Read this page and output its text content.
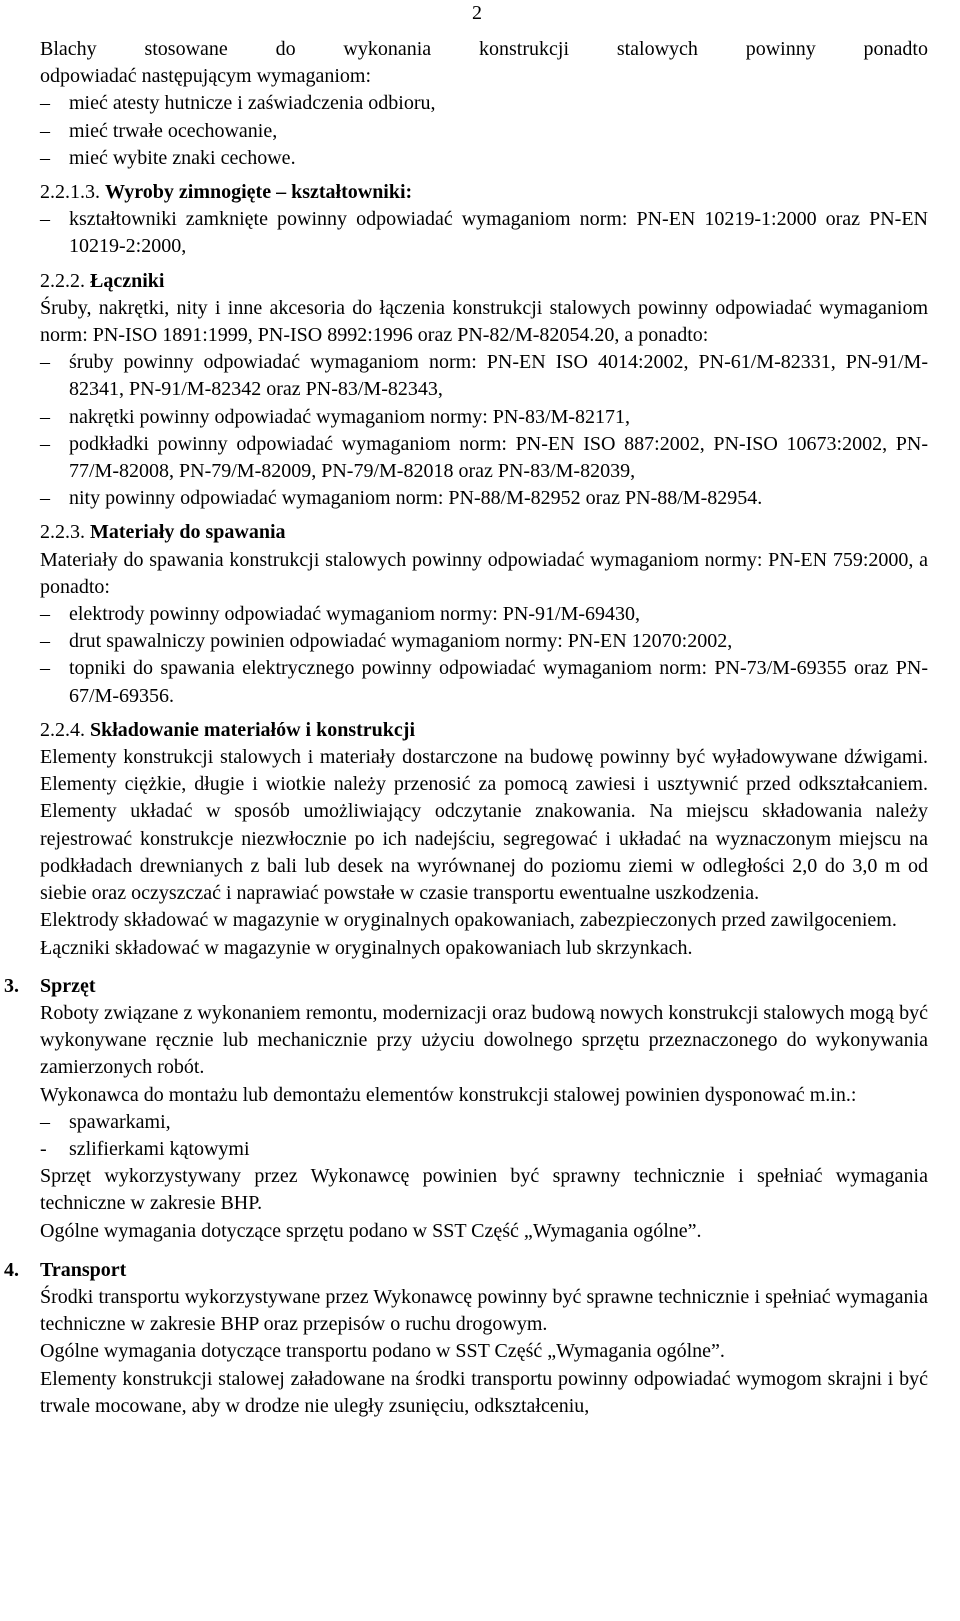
2

Blachy stosowane do wykonania konstrukcji stalowych powinny ponadto

odpowiadać następującym wymaganiom:

– mieć atesty hutnicze i zaświadczenia odbioru,
– mieć trwałe ocechowanie,
– mieć wybite znaki cechowe.

2.2.1.3. Wyroby zimnogięte – kształtowniki:

– kształtowniki zamknięte powinny odpowiadać wymaganiom norm: PN-EN 10219-1:2000 oraz PN-EN 10219-2:2000,

2.2.2. Łączniki

Śruby, nakrętki, nity i inne akcesoria do łączenia konstrukcji stalowych powinny odpowiadać wymaganiom norm: PN-ISO 1891:1999, PN-ISO 8992:1996 oraz PN-82/M-82054.20, a ponadto:

– śruby powinny odpowiadać wymaganiom norm: PN-EN ISO 4014:2002, PN-61/M-82331, PN-91/M-82341, PN-91/M-82342 oraz PN-83/M-82343,
– nakrętki powinny odpowiadać wymaganiom normy: PN-83/M-82171,
– podkładki powinny odpowiadać wymaganiom norm: PN-EN ISO 887:2002, PN-ISO 10673:2002, PN-77/M-82008, PN-79/M-82009, PN-79/M-82018 oraz PN-83/M-82039,
– nity powinny odpowiadać wymaganiom norm: PN-88/M-82952 oraz PN-88/M-82954.

2.2.3. Materiały do spawania

Materiały do spawania konstrukcji stalowych powinny odpowiadać wymaganiom normy: PN-EN 759:2000, a ponadto:

– elektrody powinny odpowiadać wymaganiom normy: PN-91/M-69430,
– drut spawalniczy powinien odpowiadać wymaganiom normy: PN-EN 12070:2002,
– topniki do spawania elektrycznego powinny odpowiadać wymaganiom norm: PN-73/M-69355 oraz PN-67/M-69356.

2.2.4. Składowanie materiałów i konstrukcji

Elementy konstrukcji stalowych i materiały dostarczone na budowę powinny być wyładowywane dźwigami. Elementy ciężkie, długie i wiotkie należy przenosić za pomocą zawiesi i usztywnić przed odkształcaniem. Elementy układać w sposób umożliwiający odczytanie znakowania. Na miejscu składowania należy rejestrować konstrukcje niezwłocznie po ich nadejściu, segregować i układać na wyznaczonym miejscu na podkładach drewnianych z bali lub desek na wyrównanej do poziomu ziemi w odległości 2,0 do 3,0 m od siebie oraz oczyszczać i naprawiać powstałe w czasie transportu ewentualne uszkodzenia.

Elektrody składować w magazynie w oryginalnych opakowaniach, zabezpieczonych przed zawilgoceniem.

Łączniki składować w magazynie w oryginalnych opakowaniach lub skrzynkach.

3. Sprzęt

Roboty związane z wykonaniem remontu, modernizacji oraz budową nowych konstrukcji stalowych mogą być wykonywane ręcznie lub mechanicznie przy użyciu dowolnego sprzętu przeznaczonego do wykonywania zamierzonych robót.

Wykonawca do montażu lub demontażu elementów konstrukcji stalowej powinien dysponować m.in.:

– spawarkami,
- szlifierkami kątowymi

Sprzęt wykorzystywany przez Wykonawcę powinien być sprawny technicznie i spełniać wymagania techniczne w zakresie BHP.

Ogólne wymagania dotyczące sprzętu podano w SST Część „Wymagania ogólne”.

4. Transport

Środki transportu wykorzystywane przez Wykonawcę powinny być sprawne technicznie i spełniać wymagania techniczne w zakresie BHP oraz przepisów o ruchu drogowym.

Ogólne wymagania dotyczące transportu podano w SST Część „Wymagania ogólne”.

Elementy konstrukcji stalowej załadowane na środki transportu powinny odpowiadać wymogom skrajni i być trwale mocowane, aby w drodze nie uległy zsunięciu, odkształceniu,
